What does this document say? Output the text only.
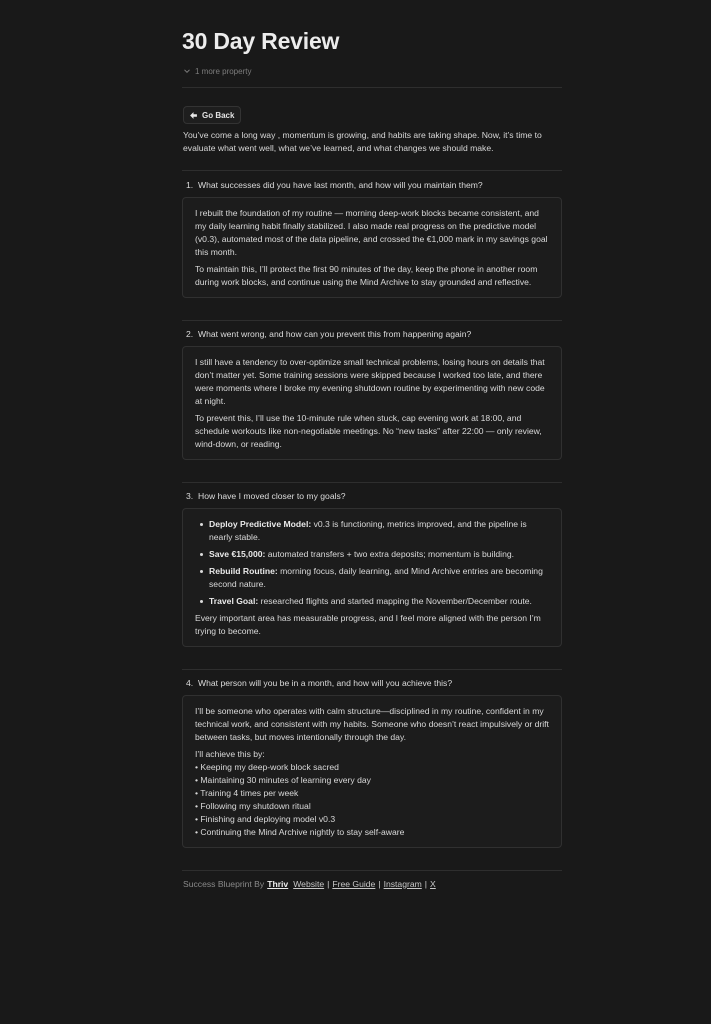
30 Day Review
1 more property
Go Back

You’ve come a long way , momentum is growing, and habits are taking shape. Now, it’s time to evaluate what went well, what we’ve learned, and what changes we should make.

1. What successes did you have last month, and how will you maintain them?

I rebuilt the foundation of my routine — morning deep-work blocks became consistent, and my daily learning habit finally stabilized. I also made real progress on the predictive model (v0.3), automated most of the data pipeline, and crossed the €1,000 mark in my savings goal this month.

To maintain this, I’ll protect the first 90 minutes of the day, keep the phone in another room during work blocks, and continue using the Mind Archive to stay grounded and reflective.

2. What went wrong, and how can you prevent this from happening again?

I still have a tendency to over-optimize small technical problems, losing hours on details that don’t matter yet. Some training sessions were skipped because I worked too late, and there were moments where I broke my evening shutdown routine by experimenting with new code at night.

To prevent this, I’ll use the 10-minute rule when stuck, cap evening work at 18:00, and schedule workouts like non-negotiable meetings. No “new tasks” after 22:00 — only review, wind-down, or reading.

3. How have I moved closer to my goals?
Deploy Predictive Model: v0.3 is functioning, metrics improved, and the pipeline is nearly stable.
Save €15,000: automated transfers + two extra deposits; momentum is building.
Rebuild Routine: morning focus, daily learning, and Mind Archive entries are becoming second nature.
Travel Goal: researched flights and started mapping the November/December route.

Every important area has measurable progress, and I feel more aligned with the person I’m trying to become.

4. What person will you be in a month, and how will you achieve this?

I’ll be someone who operates with calm structure—disciplined in my routine, confident in my technical work, and consistent with my habits. Someone who doesn’t react impulsively or drift between tasks, but moves intentionally through the day.

I’ll achieve this by:

• Keeping my deep-work block sacred
• Maintaining 30 minutes of learning every day
• Training 4 times per week
• Following my shutdown ritual
• Finishing and deploying model v0.3
• Continuing the Mind Archive nightly to stay self-aware
Success Blueprint By Thriv Website | Free Guide | Instagram | X
